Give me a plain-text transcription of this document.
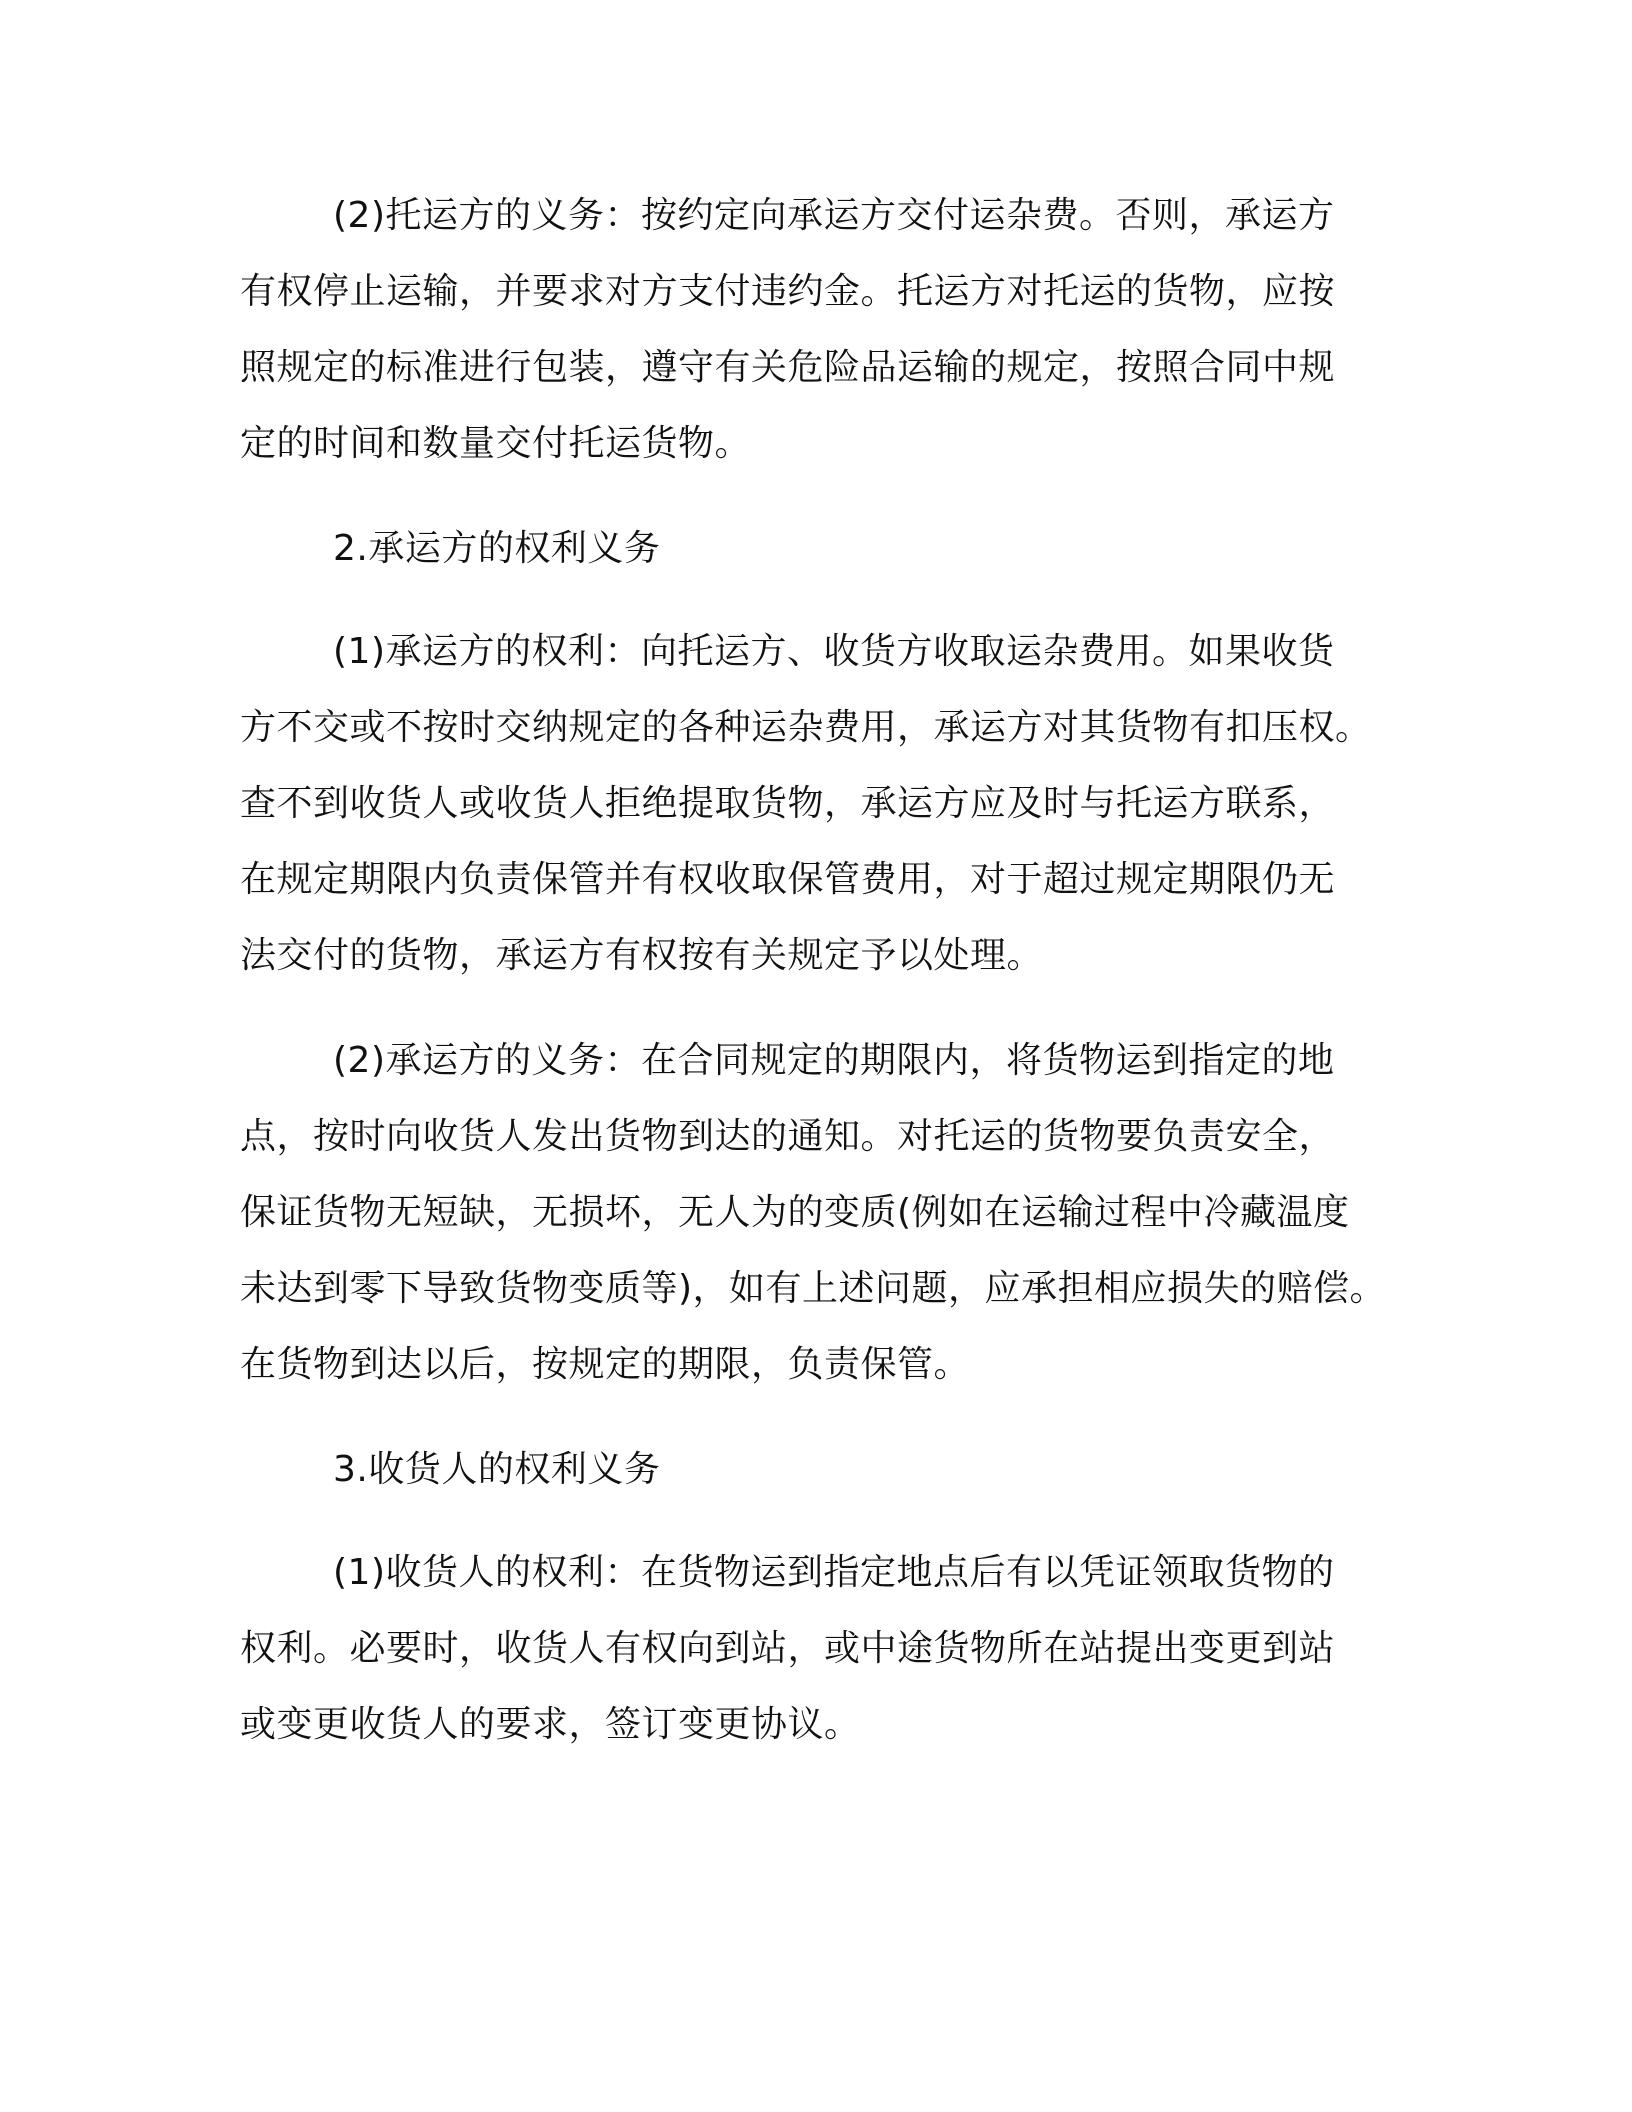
(2)托运方的义务：按约定向承运方交付运杂费。否则，承运方

有权停止运输，并要求对方支付违约金。托运方对托运的货物，应按

照规定的标准进行包装，遵守有关危险品运输的规定，按照合同中规

定的时间和数量交付托运货物。

2.承运方的权利义务

(1)承运方的权利：向托运方、收货方收取运杂费用。如果收货

方不交或不按时交纳规定的各种运杂费用，承运方对其货物有扣压权。

查不到收货人或收货人拒绝提取货物，承运方应及时与托运方联系，

在规定期限内负责保管并有权收取保管费用，对于超过规定期限仍无

法交付的货物，承运方有权按有关规定予以处理。

(2)承运方的义务：在合同规定的期限内，将货物运到指定的地

点，按时向收货人发出货物到达的通知。对托运的货物要负责安全，

保证货物无短缺，无损坏，无人为的变质(例如在运输过程中冷藏温度

未达到零下导致货物变质等)，如有上述问题，应承担相应损失的赔偿。

在货物到达以后，按规定的期限，负责保管。

3.收货人的权利义务

(1)收货人的权利：在货物运到指定地点后有以凭证领取货物的

权利。必要时，收货人有权向到站，或中途货物所在站提出变更到站

或变更收货人的要求，签订变更协议。
